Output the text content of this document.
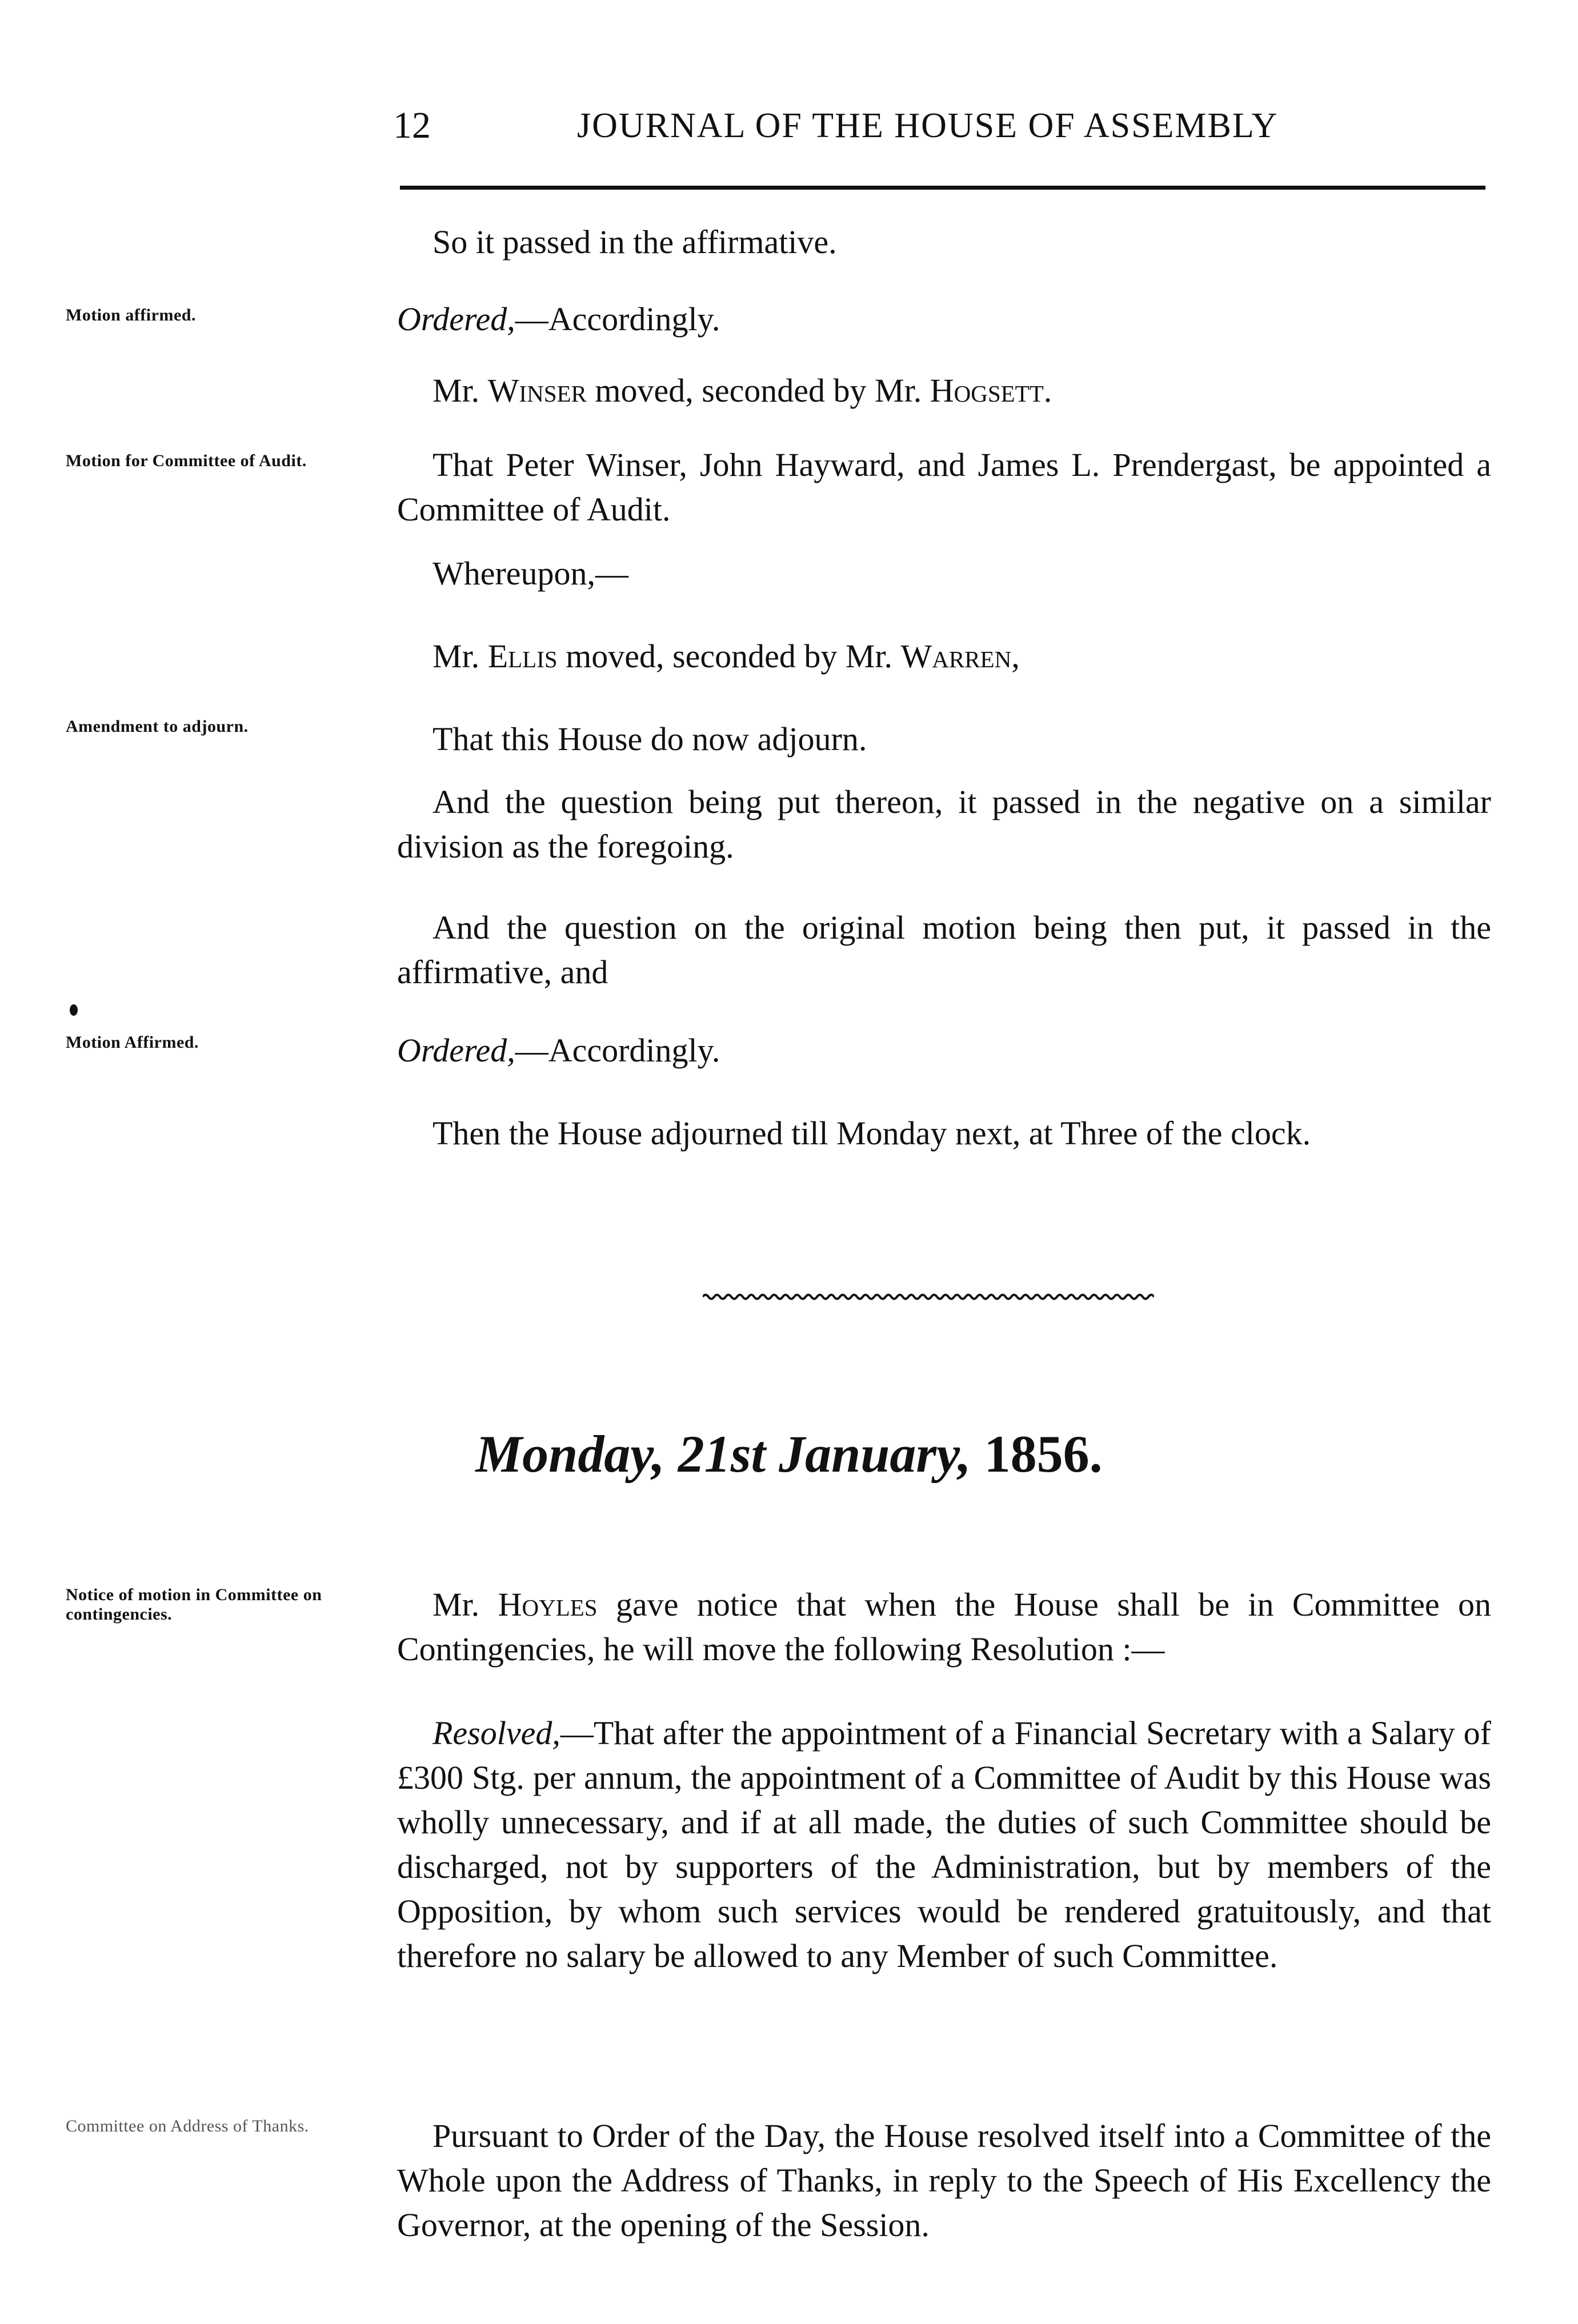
12	JOURNAL OF THE HOUSE OF ASSEMBLY
Motion affirmed.
Motion for Committee of Audit.
Amendment to adjourn.
Motion Affirmed.
Notice of motion in Committee on contingencies.
Committee on Address of Thanks.
So it passed in the affirmative.
Ordered,—Accordingly.
Mr. Winser moved, seconded by Mr. Hogsett.
That Peter Winser, John Hayward, and James L. Prendergast, be appointed a Committee of Audit.
Whereupon,—
Mr. Ellis moved, seconded by Mr. Warren,
That this House do now adjourn.
And the question being put thereon, it passed in the negative on a similar division as the foregoing.
And the question on the original motion being then put, it passed in the affirmative, and
Ordered,—Accordingly.
Then the House adjourned till Monday next, at Three of the clock.
Monday, 21st January, 1856.
Mr. Hoyles gave notice that when the House shall be in Committee on Contingencies, he will move the following Resolution :—
Resolved,—That after the appointment of a Financial Secretary with a Salary of £300 Stg. per annum, the appointment of a Committee of Audit by this House was wholly unnecessary, and if at all made, the duties of such Committee should be discharged, not by supporters of the Administration, but by members of the Opposition, by whom such services would be rendered gratuitously, and that therefore no salary be allowed to any Member of such Committee.
Pursuant to Order of the Day, the House resolved itself into a Committee of the Whole upon the Address of Thanks, in reply to the Speech of His Excellency the Governor, at the opening of the Session.
